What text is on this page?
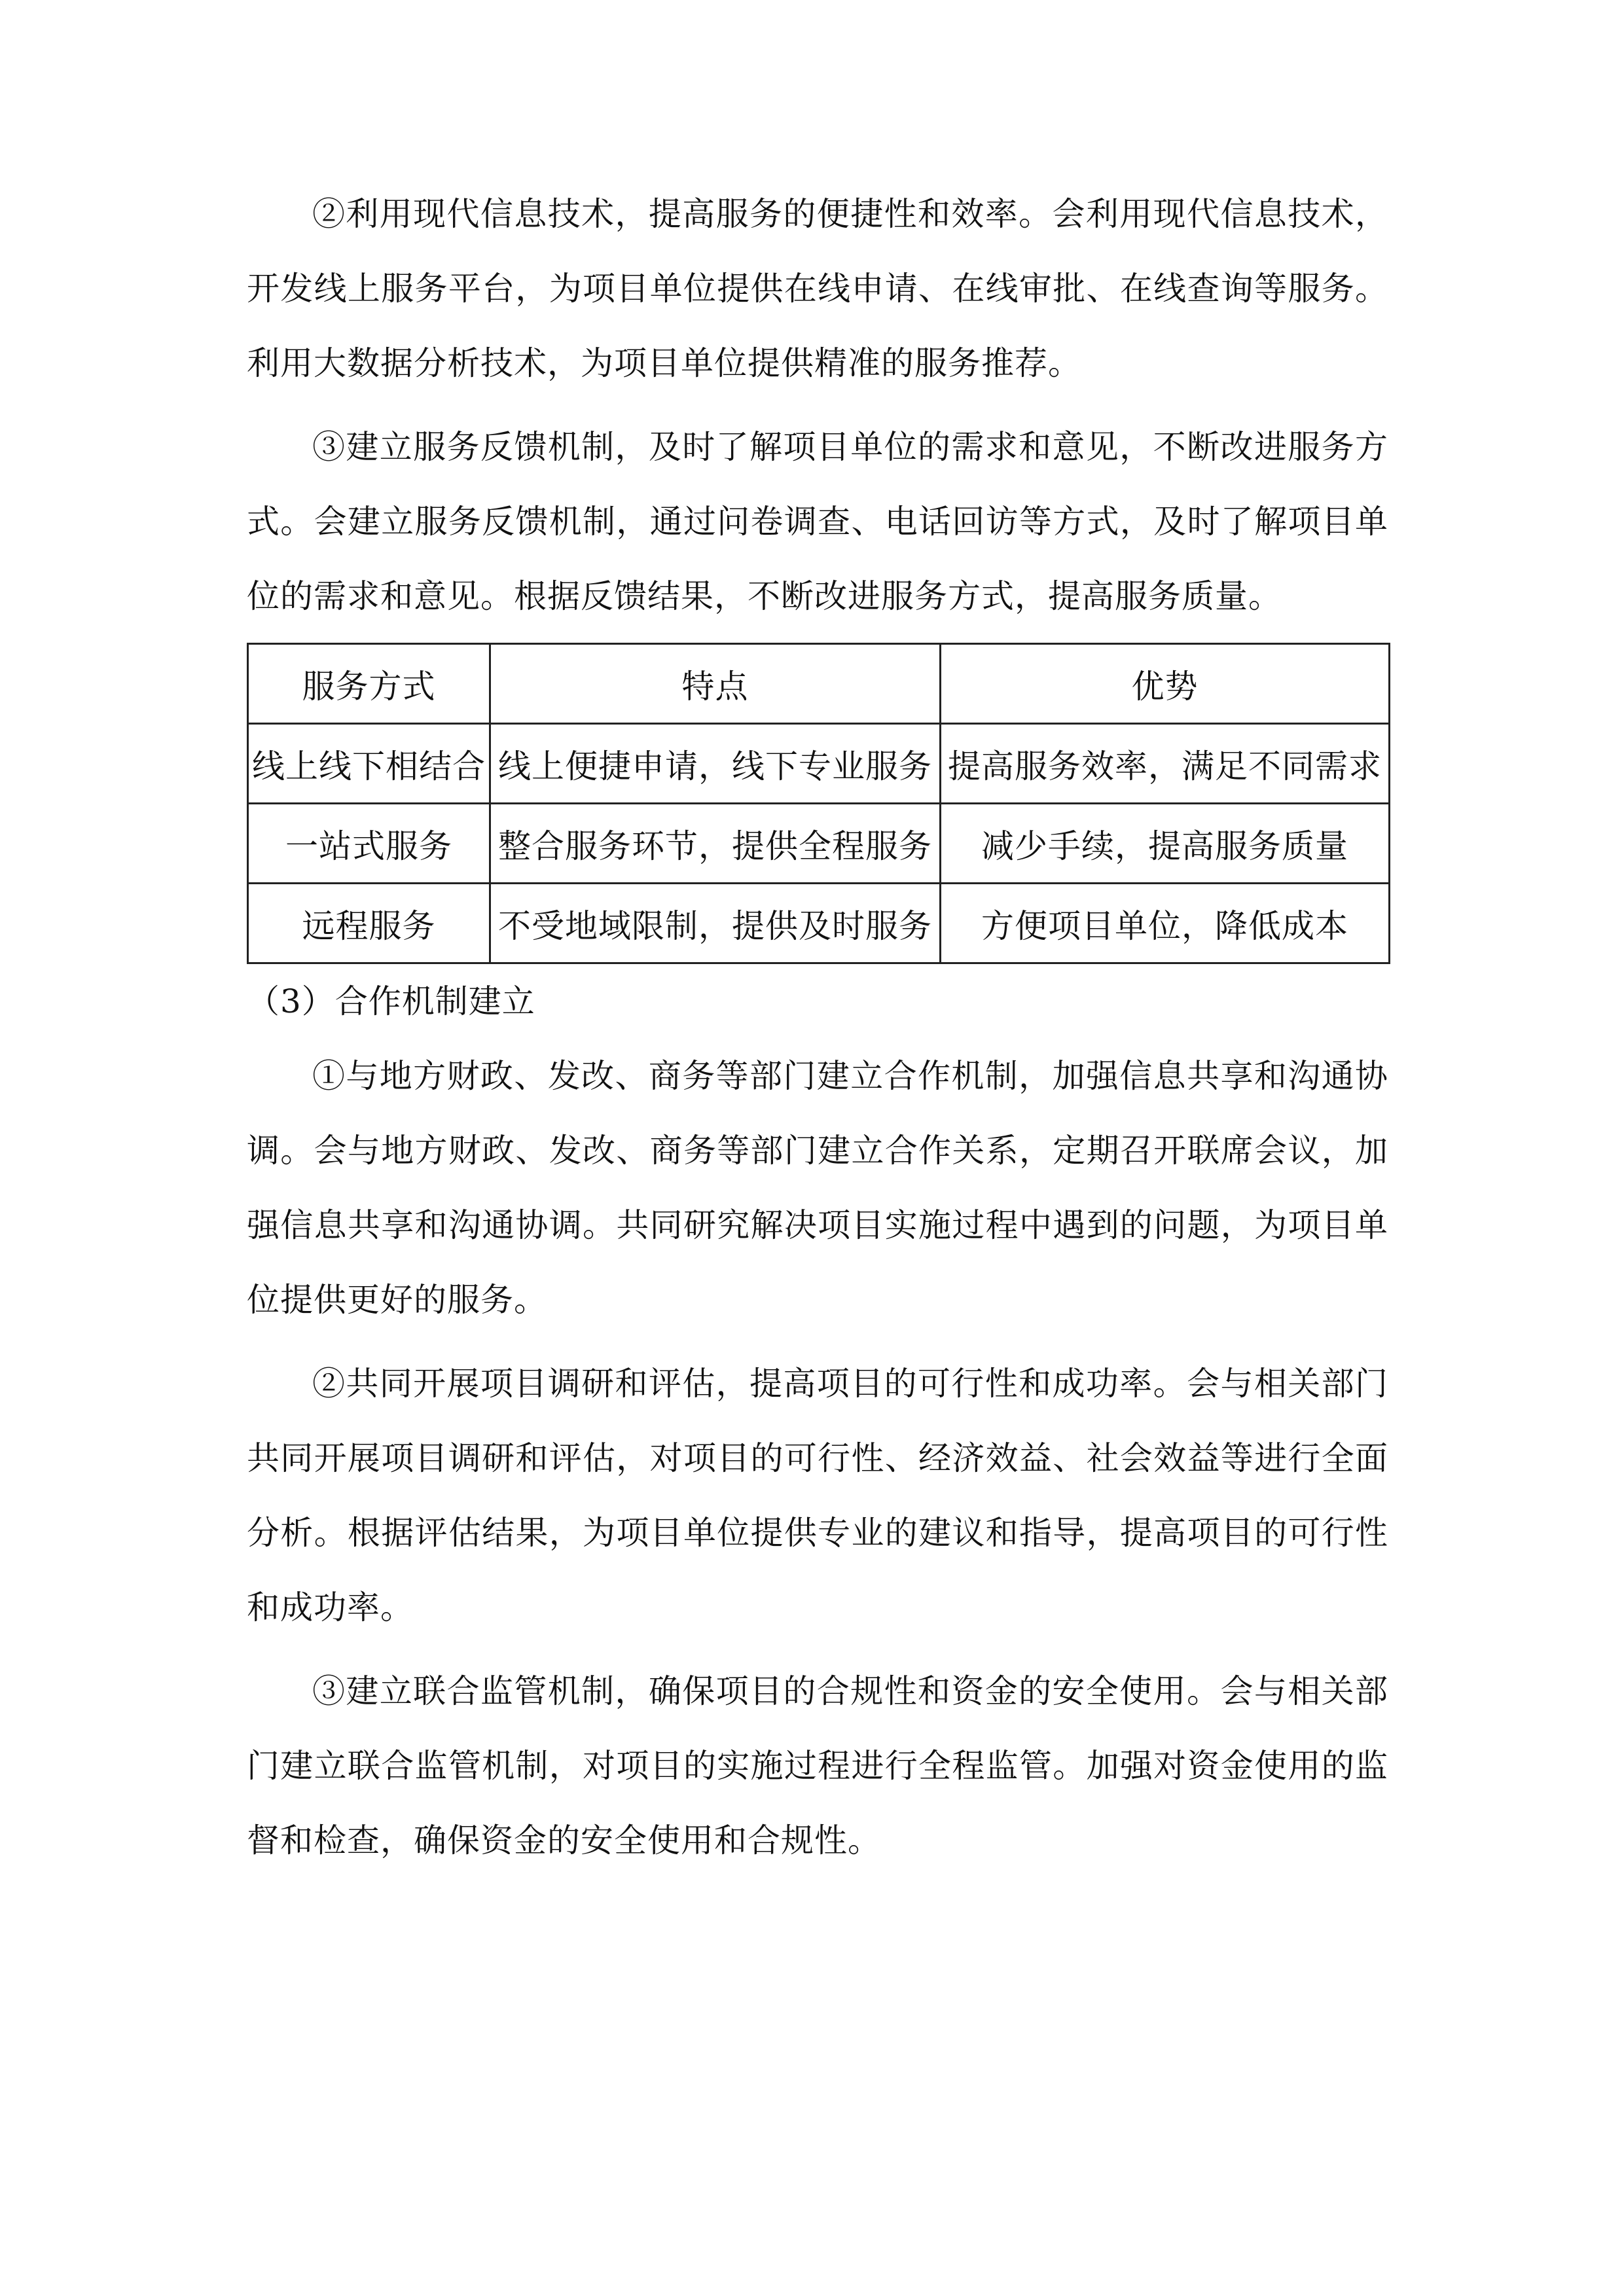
②利用现代信息技术，提高服务的便捷性和效率。会利用现代信息技术，开发线上服务平台，为项目单位提供在线申请、在线审批、在线查询等服务。利用大数据分析技术，为项目单位提供精准的服务推荐。

③建立服务反馈机制，及时了解项目单位的需求和意见，不断改进服务方式。会建立服务反馈机制，通过问卷调查、电话回访等方式，及时了解项目单位的需求和意见。根据反馈结果，不断改进服务方式，提高服务质量。

服务方式	特点	优势
线上线下相结合	线上便捷申请，线下专业服务	提高服务效率，满足不同需求
一站式服务	整合服务环节，提供全程服务	减少手续，提高服务质量
远程服务	不受地域限制，提供及时服务	方便项目单位，降低成本

（3）合作机制建立

①与地方财政、发改、商务等部门建立合作机制，加强信息共享和沟通协调。会与地方财政、发改、商务等部门建立合作关系，定期召开联席会议，加强信息共享和沟通协调。共同研究解决项目实施过程中遇到的问题，为项目单位提供更好的服务。

②共同开展项目调研和评估，提高项目的可行性和成功率。会与相关部门共同开展项目调研和评估，对项目的可行性、经济效益、社会效益等进行全面分析。根据评估结果，为项目单位提供专业的建议和指导，提高项目的可行性和成功率。

③建立联合监管机制，确保项目的合规性和资金的安全使用。会与相关部门建立联合监管机制，对项目的实施过程进行全程监管。加强对资金使用的监督和检查，确保资金的安全使用和合规性。
